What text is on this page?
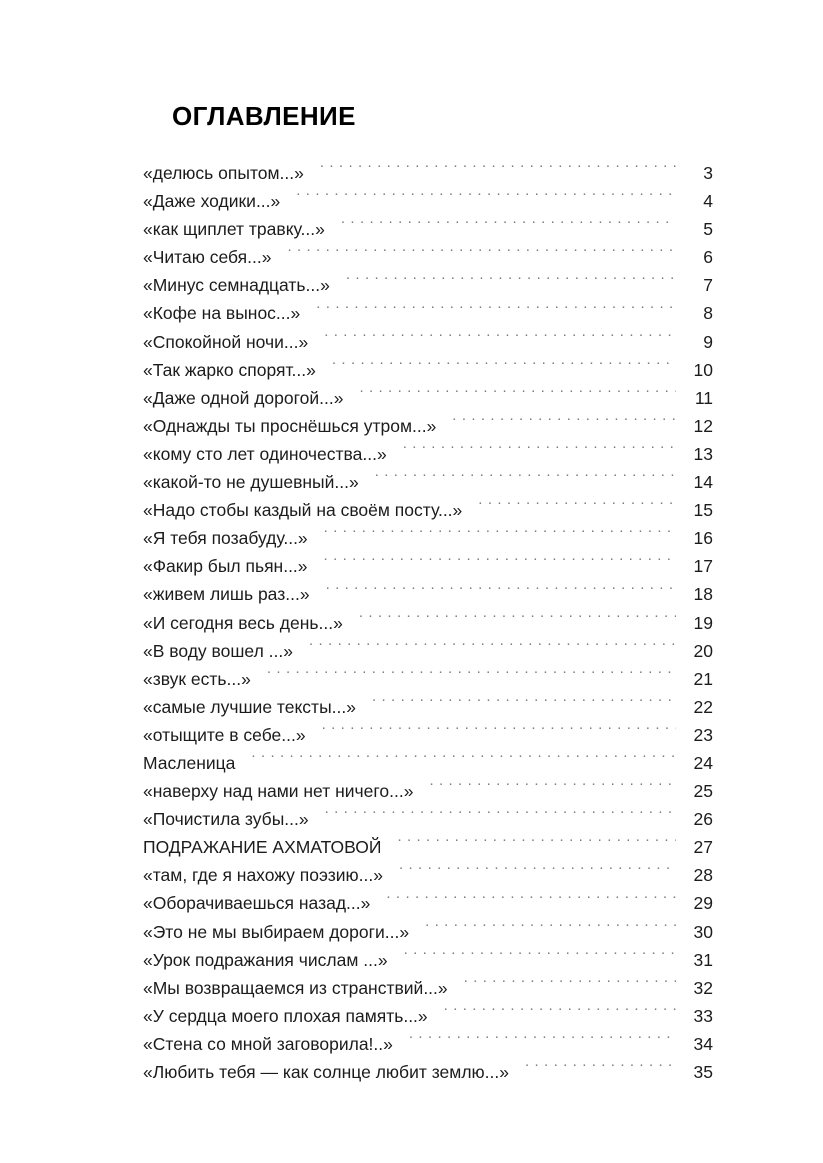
ОГЛАВЛЕНИЕ
«делюсь опытом...» . . .	3
«Даже ходики...» . . .	4
«как щиплет травку...» . . .	5
«Читаю себя...» . . .	6
«Минус семнадцать...» . . .	7
«Кофе на вынос...» . . .	8
«Спокойной ночи...» . . .	9
«Так жарко спорят...» . . .	10
«Даже одной дорогой...» . . .	11
«Однажды ты проснёшься утром...» . . .	12
«кому сто лет одиночества...» . . .	13
«какой-то не душевный...» . . .	14
«Надо стобы каздый на своём посту...» . . .	15
«Я тебя позабуду...» . . .	16
«Факир был пьян...» . . .	17
«живем лишь раз...» . . .	18
«И сегодня весь день...» . . .	19
«В воду вошел ...» . . .	20
«звук есть...» . . .	21
«самые лучшие тексты...» . . .	22
«отыщите в себе...» . . .	23
Масленица . . .	24
«наверху над нами нет ничего...» . . .	25
«Почистила зубы...» . . .	26
ПОДРАЖАНИЕ АХМАТОВОЙ . . .	27
«там, где я нахожу поэзию...» . . .	28
«Оборачиваешься назад...» . . .	29
«Это не мы выбираем дороги...» . . .	30
«Урок подражания числам ...» . . .	31
«Мы возвращаемся из странствий...» . . .	32
«У сердца моего плохая память...» . . .	33
«Стена со мной заговорила!..» . . .	34
«Любить тебя — как солнце любит землю...» . . .	35
